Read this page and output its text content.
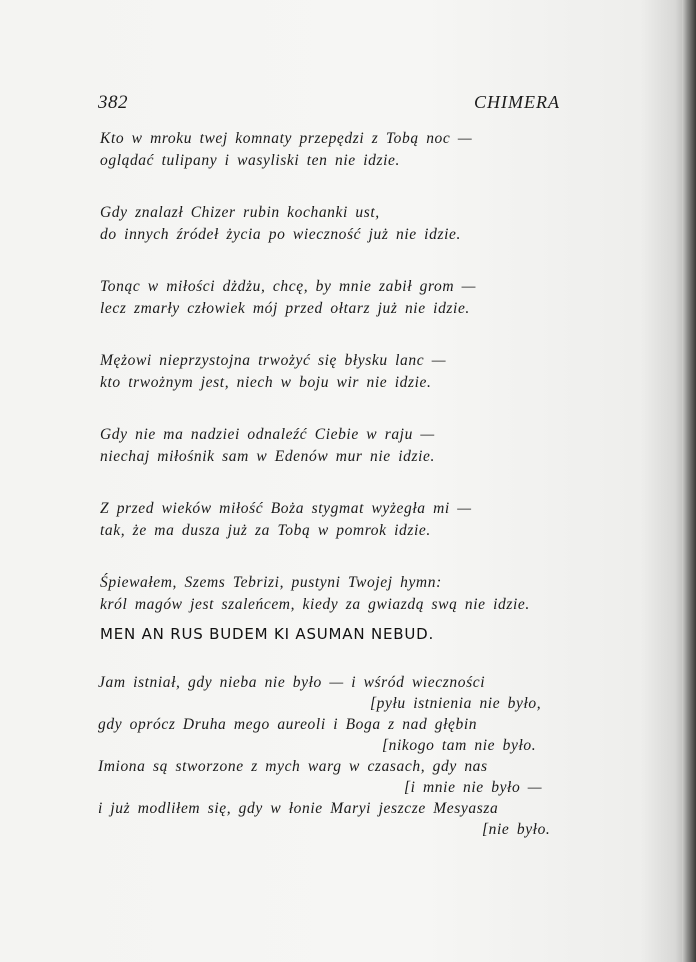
382	CHIMERA
Kto w mroku twej komnaty przepędzi z Tobą noc —
oglądać tulipany i wasyliski ten nie idzie.
Gdy znalazł Chizer rubin kochanki ust,
do innych źródeł życia po wieczność już nie idzie.
Tonąc w miłości dżdżu, chcę, by mnie zabił grom —
lecz zmarły człowiek mój przed ołtarz już nie idzie.
Mężowi nieprzystojna trwożyć się błysku lanc —
kto trwożnym jest, niech w boju wir nie idzie.
Gdy nie ma nadziei odnaleźć Ciebie w raju —
niechaj miłośnik sam w Edenów mur nie idzie.
Z przed wieków miłość Boża stygmat wyżegła mi —
tak, że ma dusza już za Tobą w pomrok idzie.
Śpiewałem, Szems Tebrizi, pustyni Twojej hymn:
król magów jest szaleńcem, kiedy za gwiazdą swą nie idzie.
MEN AN RUS BUDEM KI ASUMAN NEBUD.
Jam istniał, gdy nieba nie było — i wśród wieczności
[pyłu istnienia nie było,
gdy oprócz Druha mego aureoli i Boga z nad głębin
[nikogo tam nie było.
Imiona są stworzone z mych warg w czasach, gdy nas
[i mnie nie było —
i już modliłem się, gdy w łonie Maryi jeszcze Mesyasza
[nie było.
